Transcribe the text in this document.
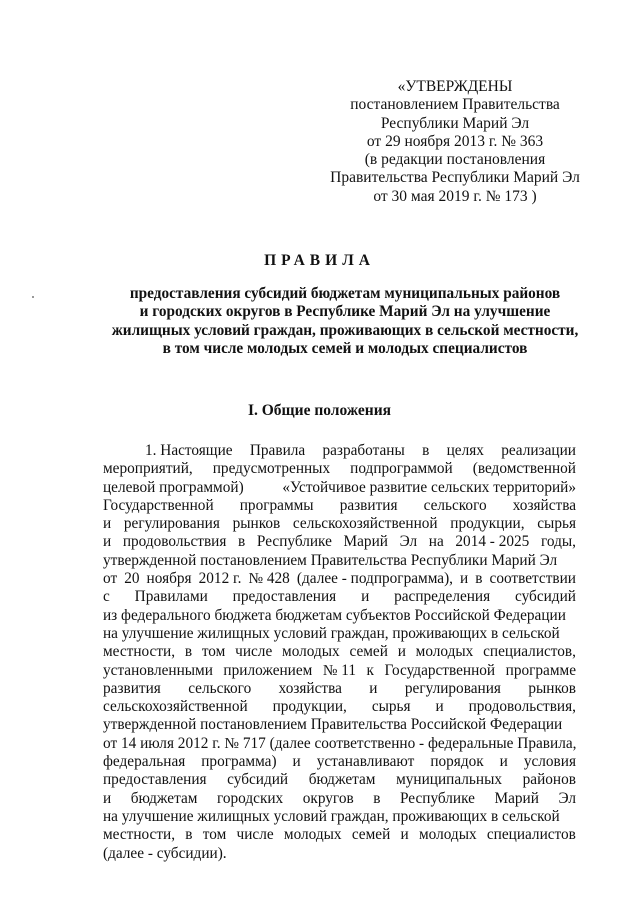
«УТВЕРЖДЕНЫ
постановлением Правительства
Республики Марий Эл
от 29 ноября 2013 г. № 363
(в редакции постановления
Правительства Республики Марий Эл
от 30 мая 2019 г. № 173 )
ПРАВИЛА
предоставления субсидий бюджетам муниципальных районов
и городских округов в Республике Марий Эл на улучшение
жилищных условий граждан, проживающих в сельской местности,
в том числе молодых семей и молодых специалистов
I. Общие положения
1. Настоящие Правила разработаны в целях реализации
мероприятий, предусмотренных подпрограммой (ведомственной
целевой программой)	«Устойчивое развитие сельских территорий»
Государственной программы развития сельского хозяйства
и регулирования рынков сельскохозяйственной продукции, сырья
и продовольствия в Республике Марий Эл на 2014 - 2025 годы,
утвержденной постановлением Правительства Республики Марий Эл
от 20 ноября 2012 г. № 428 (далее - подпрограмма), и в соответствии
с Правилами предоставления и распределения субсидий
из федерального бюджета бюджетам субъектов Российской Федерации
на улучшение жилищных условий граждан, проживающих в сельской
местности, в том числе молодых семей и молодых специалистов,
установленными приложением № 11 к Государственной программе
развития сельского хозяйства и регулирования рынков
сельскохозяйственной продукции, сырья и продовольствия,
утвержденной постановлением Правительства Российской Федерации
от 14 июля 2012 г. № 717 (далее соответственно - федеральные Правила,
федеральная программа) и устанавливают порядок и условия
предоставления субсидий бюджетам муниципальных районов
и бюджетам городских округов в Республике Марий Эл
на улучшение жилищных условий граждан, проживающих в сельской
местности, в том числе молодых семей и молодых специалистов
(далее - субсидии).
